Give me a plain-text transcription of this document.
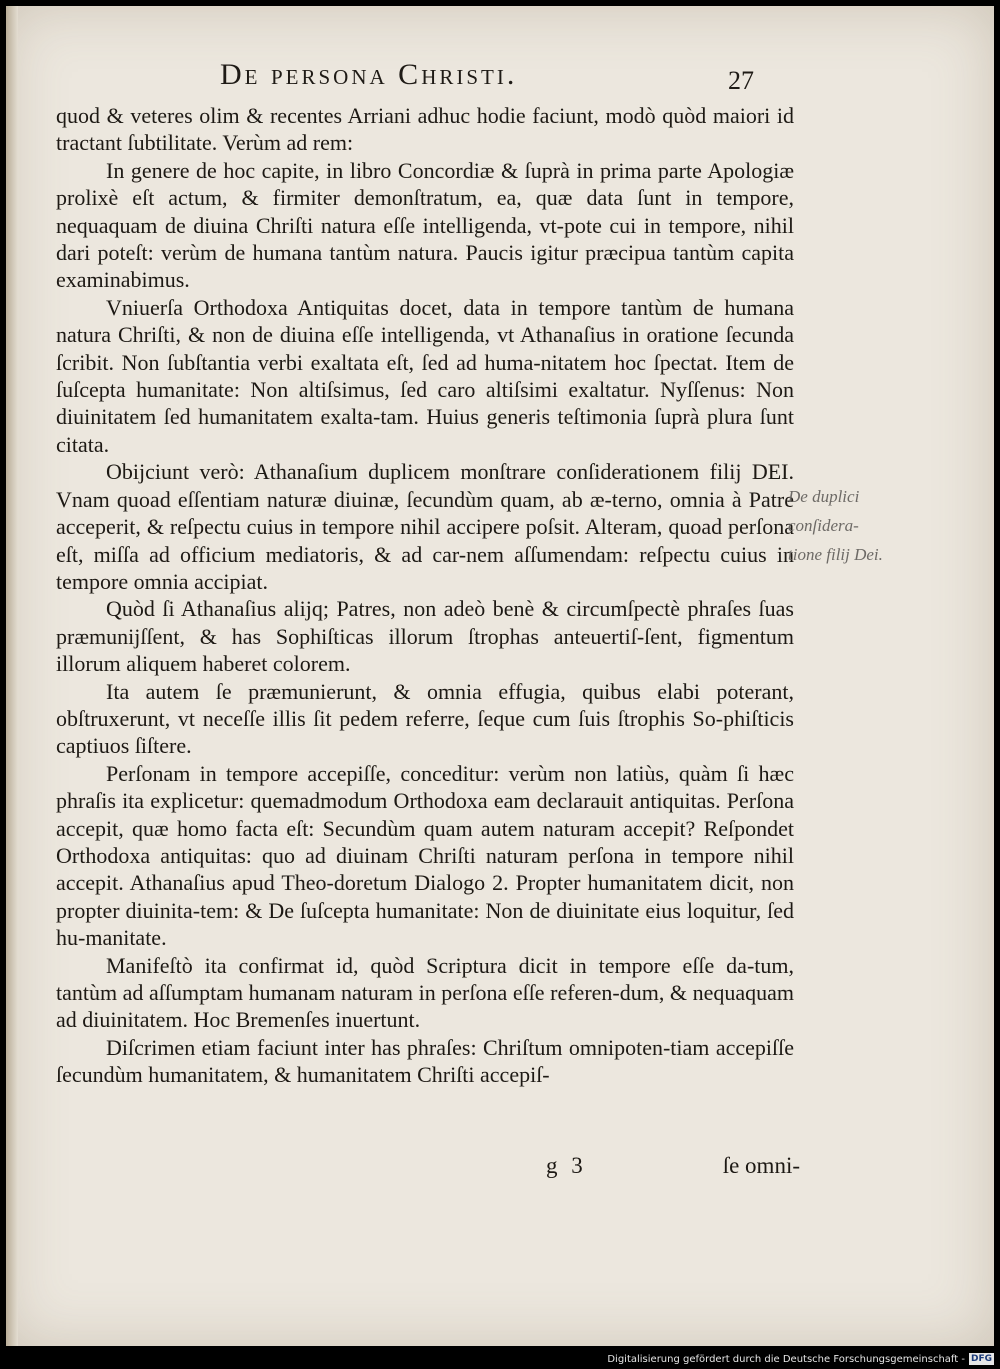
De persona Christi.	27

quod & veteres olim & recentes Arriani adhuc hodie faciunt, modò quòd maiori id tractant ſubtilitate. Verùm ad rem:

In genere de hoc capite, in libro Concordiæ & ſuprà in prima parte Apologiæ prolixè eſt actum, & firmiter demonſtratum, ea, quæ data ſunt in tempore, nequaquam de diuina Chriſti natura eſſe intelligenda, vt-pote cui in tempore, nihil dari poteſt: verùm de humana tantùm natura. Paucis igitur præcipua tantùm capita examinabimus.

Vniuerſa Orthodoxa Antiquitas docet, data in tempore tantùm de humana natura Chriſti, & non de diuina eſſe intelligenda, vt Athanaſius in oratione ſecunda ſcribit. Non ſubſtantia verbi exaltata eſt, ſed ad huma-nitatem hoc ſpectat. Item de ſuſcepta humanitate: Non altiſsimus, ſed caro altiſsimi exaltatur. Nyſſenus: Non diuinitatem ſed humanitatem exalta-tam. Huius generis teſtimonia ſuprà plura ſunt citata.

Obijciunt verò: Athanaſium duplicem monſtrare conſiderationem filij DEI. Vnam quoad eſſentiam naturæ diuinæ, ſecundùm quam, ab æ-terno, omnia à Patre acceperit, & reſpectu cuius in tempore nihil accipere poſsit. Alteram, quoad perſona eſt, miſſa ad officium mediatoris, & ad car-nem aſſumendam: reſpectu cuius in tempore omnia accipiat.

Quòd ſi Athanaſius alijq; Patres, non adeò benè & circumſpectè phraſes ſuas præmunijſſent, & has Sophiſticas illorum ſtrophas anteuertiſ-ſent, figmentum illorum aliquem haberet colorem.

Ita autem ſe præmunierunt, & omnia effugia, quibus elabi poterant, obſtruxerunt, vt neceſſe illis ſit pedem referre, ſeque cum ſuis ſtrophis So-phiſticis captiuos ſiſtere.

Perſonam in tempore accepiſſe, conceditur: verùm non latiùs, quàm ſi hæc phraſis ita explicetur: quemadmodum Orthodoxa eam declarauit antiquitas. Perſona accepit, quæ homo facta eſt: Secundùm quam autem naturam accepit? Reſpondet Orthodoxa antiquitas: quo ad diuinam Chriſti naturam perſona in tempore nihil accepit. Athanaſius apud Theo-doretum Dialogo 2. Propter humanitatem dicit, non propter diuinita-tem: & De ſuſcepta humanitate: Non de diuinitate eius loquitur, ſed hu-manitate.

Manifeſtò ita confirmat id, quòd Scriptura dicit in tempore eſſe da-tum, tantùm ad aſſumptam humanam naturam in perſona eſſe referen-dum, & nequaquam ad diuinitatem. Hoc Bremenſes inuertunt.

Diſcrimen etiam faciunt inter has phraſes: Chriſtum omnipoten-tiam accepiſſe ſecundùm humanitatem, & humanitatem Chriſti accepiſ-

De duplici conſidera-tione filij Dei.
g 3	ſe omni-
Digitalisierung gefördert durch die Deutsche Forschungsgemeinschaft - DFG
